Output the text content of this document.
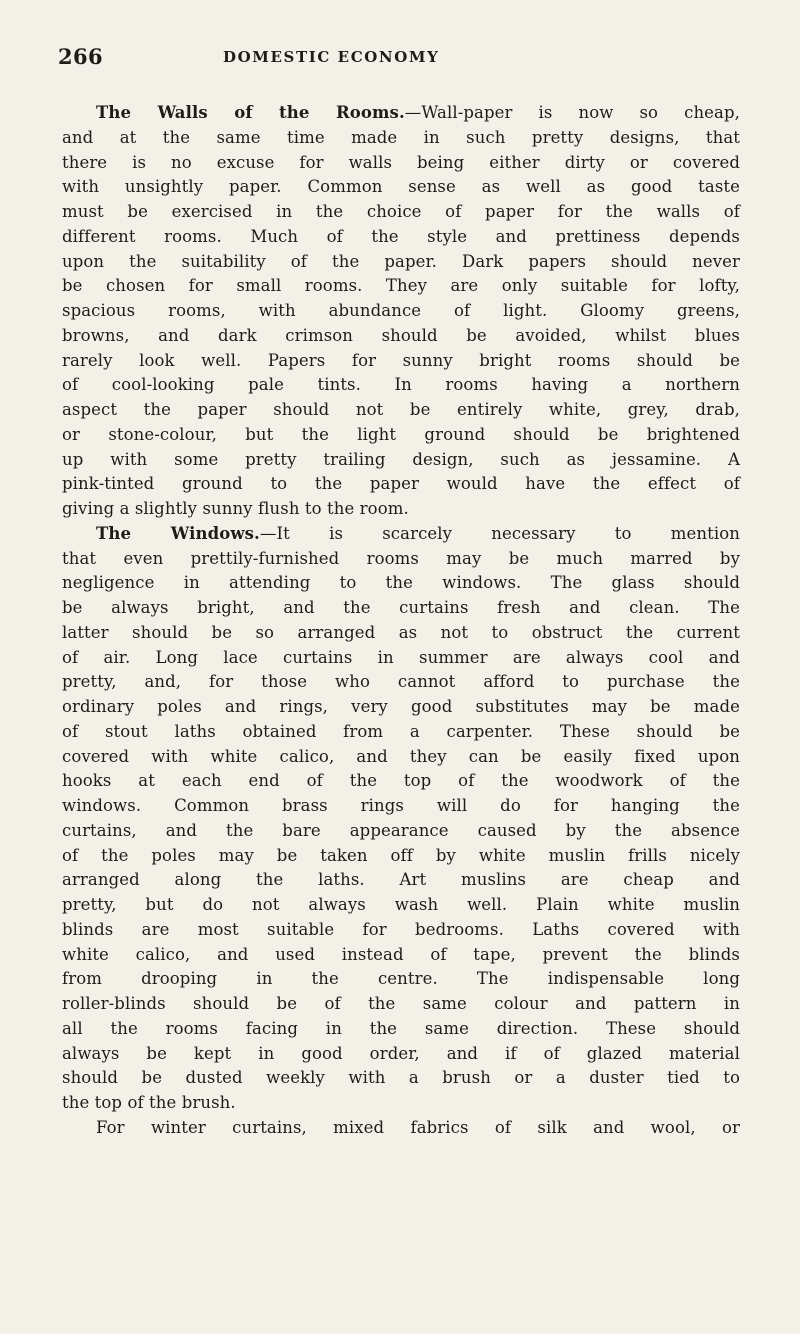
266	DOMESTIC ECONOMY
The Walls of the Rooms.—Wall-paper is now so cheap,
and at the same time made in such pretty designs, that
there is no excuse for walls being either dirty or covered
with unsightly paper. Common sense as well as good taste
must be exercised in the choice of paper for the walls of
different rooms. Much of the style and prettiness depends
upon the suitability of the paper. Dark papers should never
be chosen for small rooms. They are only suitable for lofty,
spacious rooms, with abundance of light. Gloomy greens,
browns, and dark crimson should be avoided, whilst blues
rarely look well. Papers for sunny bright rooms should be
of cool-looking pale tints. In rooms having a northern
aspect the paper should not be entirely white, grey, drab,
or stone-colour, but the light ground should be brightened
up with some pretty trailing design, such as jessamine. A
pink-tinted ground to the paper would have the effect of
giving a slightly sunny flush to the room.
The Windows.—It is scarcely necessary to mention
that even prettily-furnished rooms may be much marred by
negligence in attending to the windows. The glass should
be always bright, and the curtains fresh and clean. The
latter should be so arranged as not to obstruct the current
of air. Long lace curtains in summer are always cool and
pretty, and, for those who cannot afford to purchase the
ordinary poles and rings, very good substitutes may be made
of stout laths obtained from a carpenter. These should be
covered with white calico, and they can be easily fixed upon
hooks at each end of the top of the woodwork of the
windows. Common brass rings will do for hanging the
curtains, and the bare appearance caused by the absence
of the poles may be taken off by white muslin frills nicely
arranged along the laths. Art muslins are cheap and
pretty, but do not always wash well. Plain white muslin
blinds are most suitable for bedrooms. Laths covered with
white calico, and used instead of tape, prevent the blinds
from drooping in the centre. The indispensable long
roller-blinds should be of the same colour and pattern in
all the rooms facing in the same direction. These should
always be kept in good order, and if of glazed material
should be dusted weekly with a brush or a duster tied to
the top of the brush.
For winter curtains, mixed fabrics of silk and wool, or
